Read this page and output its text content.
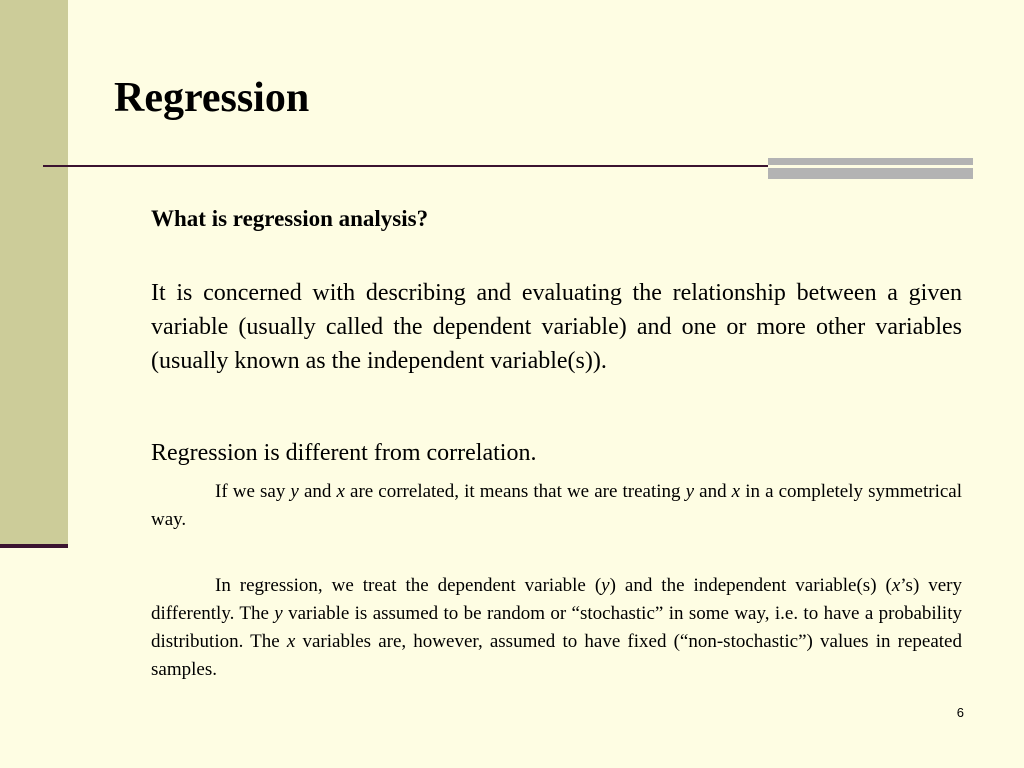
Regression

What is regression analysis?

It is concerned with describing and evaluating the relationship between a given variable (usually called the dependent variable) and one or more other variables (usually known as the independent variable(s)).

Regression is different from correlation.

If we say y and x are correlated, it means that we are treating y and x in a completely symmetrical way.

In regression, we treat the dependent variable (y) and the independent variable(s) (x’s) very differently. The y variable is assumed to be random or “stochastic” in some way, i.e. to have a probability distribution. The x variables are, however, assumed to have fixed (“non-stochastic”) values in repeated samples.

6
